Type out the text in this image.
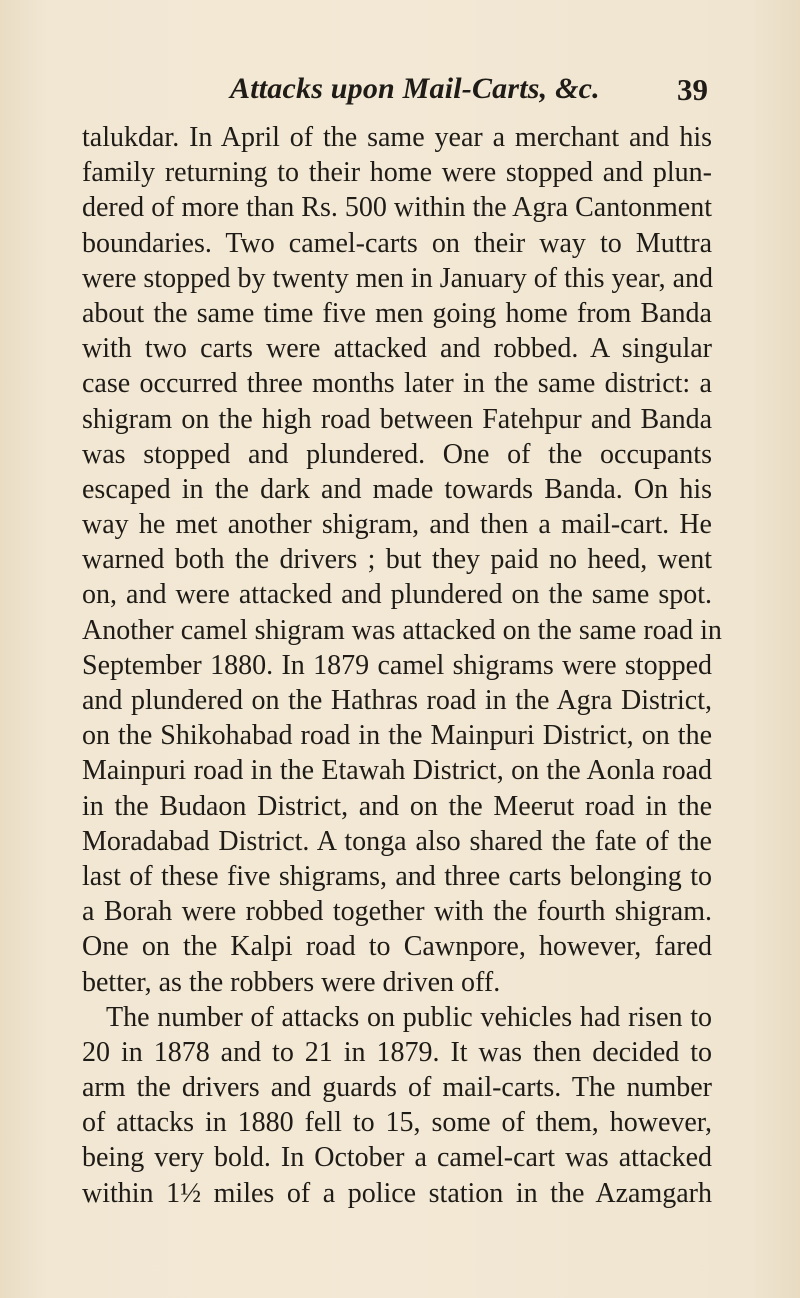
Attacks upon Mail-Carts, &c. 39
talukdar. In April of the same year a merchant and his
family returning to their home were stopped and plun-
dered of more than Rs. 500 within the Agra Cantonment
boundaries. Two camel-carts on their way to Muttra
were stopped by twenty men in January of this year, and
about the same time five men going home from Banda
with two carts were attacked and robbed. A singular
case occurred three months later in the same district: a
shigram on the high road between Fatehpur and Banda
was stopped and plundered. One of the occupants
escaped in the dark and made towards Banda. On his
way he met another shigram, and then a mail-cart. He
warned both the drivers ; but they paid no heed, went
on, and were attacked and plundered on the same spot.
Another camel shigram was attacked on the same road in
September 1880. In 1879 camel shigrams were stopped
and plundered on the Hathras road in the Agra District,
on the Shikohabad road in the Mainpuri District, on the
Mainpuri road in the Etawah District, on the Aonla road
in the Budaon District, and on the Meerut road in the
Moradabad District. A tonga also shared the fate of the
last of these five shigrams, and three carts belonging to
a Borah were robbed together with the fourth shigram.
One on the Kalpi road to Cawnpore, however, fared
better, as the robbers were driven off.
The number of attacks on public vehicles had risen to
20 in 1878 and to 21 in 1879. It was then decided to
arm the drivers and guards of mail-carts. The number
of attacks in 1880 fell to 15, some of them, however,
being very bold. In October a camel-cart was attacked
within 1½ miles of a police station in the Azamgarh
